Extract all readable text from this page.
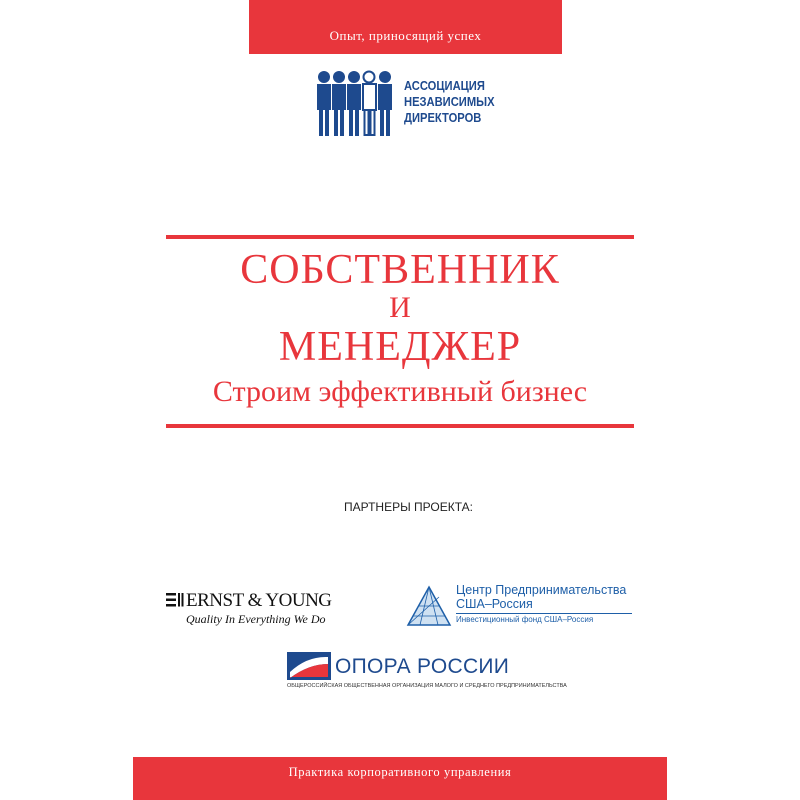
Опыт, приносящий успех
АССОЦИАЦИЯ
НЕЗАВИСИМЫХ
ДИРЕКТОРОВ
СОБСТВЕННИК
И
МЕНЕДЖЕР
Строим эффективный бизнес
ПАРТНЕРЫ ПРОЕКТА:
ERNST & YOUNG
Quality In Everything We Do
Центр Предпринимательства
США–Россия
Инвестиционный фонд США–Россия
ОПОРА РОССИИ
ОБЩЕРОССИЙСКАЯ ОБЩЕСТВЕННАЯ ОРГАНИЗАЦИЯ МАЛОГО И СРЕДНЕГО ПРЕДПРИНИМАТЕЛЬСТВА
Практика корпоративного управления
